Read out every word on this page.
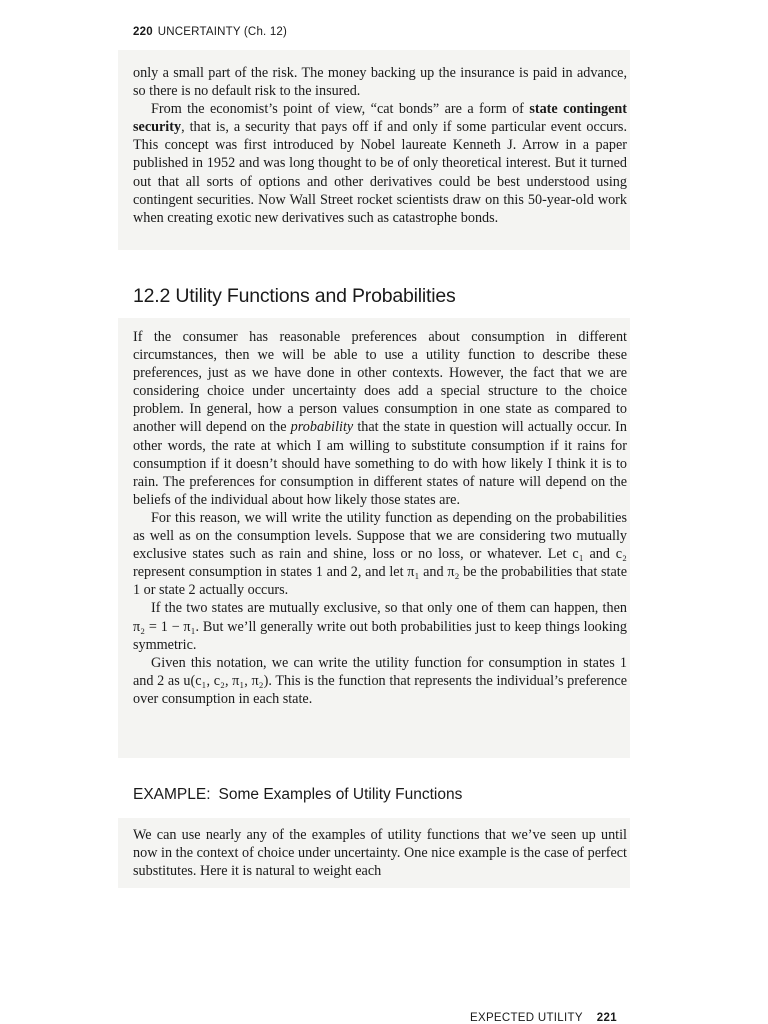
220 UNCERTAINTY (Ch. 12)

only a small part of the risk. The money backing up the insurance is paid in advance, so there is no default risk to the insured.

From the economist’s point of view, “cat bonds” are a form of state contingent security, that is, a security that pays off if and only if some particular event occurs. This concept was first introduced by Nobel laureate Kenneth J. Arrow in a paper published in 1952 and was long thought to be of only theoretical interest. But it turned out that all sorts of options and other derivatives could be best understood using contingent securities. Now Wall Street rocket scientists draw on this 50-year-old work when creating exotic new derivatives such as catastrophe bonds.

12.2 Utility Functions and Probabilities

If the consumer has reasonable preferences about consumption in different circumstances, then we will be able to use a utility function to describe these preferences, just as we have done in other contexts. However, the fact that we are considering choice under uncertainty does add a special structure to the choice problem. In general, how a person values consumption in one state as compared to another will depend on the probability that the state in question will actually occur. In other words, the rate at which I am willing to substitute consumption if it rains for consumption if it doesn’t should have something to do with how likely I think it is to rain. The preferences for consumption in different states of nature will depend on the beliefs of the individual about how likely those states are.

For this reason, we will write the utility function as depending on the probabilities as well as on the consumption levels. Suppose that we are considering two mutually exclusive states such as rain and shine, loss or no loss, or whatever. Let c₁ and c₂ represent consumption in states 1 and 2, and let π₁ and π₂ be the probabilities that state 1 or state 2 actually occurs.

If the two states are mutually exclusive, so that only one of them can happen, then π₂ = 1 − π₁. But we’ll generally write out both probabilities just to keep things looking symmetric.

Given this notation, we can write the utility function for consumption in states 1 and 2 as u(c₁, c₂, π₁, π₂). This is the function that represents the individual’s preference over consumption in each state.

EXAMPLE: Some Examples of Utility Functions

We can use nearly any of the examples of utility functions that we’ve seen up until now in the context of choice under uncertainty. One nice example is the case of perfect substitutes. Here it is natural to weight each

EXPECTED UTILITY 221
